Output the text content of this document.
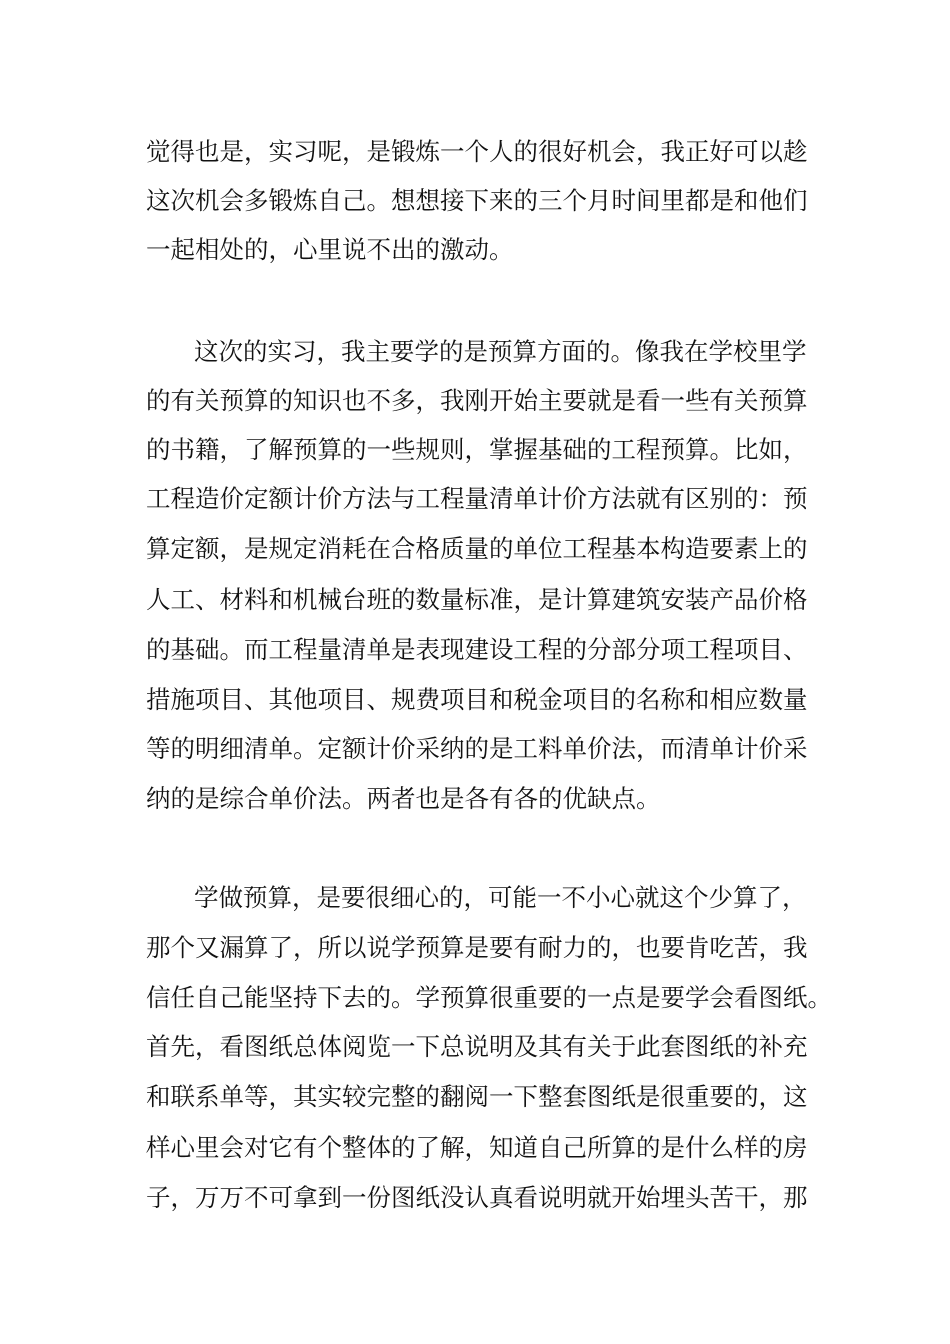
觉得也是，实习呢，是锻炼一个人的很好机会，我正好可以趁

这次机会多锻炼自己。想想接下来的三个月时间里都是和他们

一起相处的，心里说不出的激动。

这次的实习，我主要学的是预算方面的。像我在学校里学

的有关预算的知识也不多，我刚开始主要就是看一些有关预算

的书籍，了解预算的一些规则，掌握基础的工程预算。比如，

工程造价定额计价方法与工程量清单计价方法就有区别的：预

算定额，是规定消耗在合格质量的单位工程基本构造要素上的

人工、材料和机械台班的数量标准，是计算建筑安装产品价格

的基础。而工程量清单是表现建设工程的分部分项工程项目、

措施项目、其他项目、规费项目和税金项目的名称和相应数量

等的明细清单。定额计价采纳的是工料单价法，而清单计价采

纳的是综合单价法。两者也是各有各的优缺点。

学做预算，是要很细心的，可能一不小心就这个少算了，

那个又漏算了，所以说学预算是要有耐力的，也要肯吃苦，我

信任自己能坚持下去的。学预算很重要的一点是要学会看图纸。

首先，看图纸总体阅览一下总说明及其有关于此套图纸的补充

和联系单等，其实较完整的翻阅一下整套图纸是很重要的，这

样心里会对它有个整体的了解，知道自己所算的是什么样的房

子，万万不可拿到一份图纸没认真看说明就开始埋头苦干，那
